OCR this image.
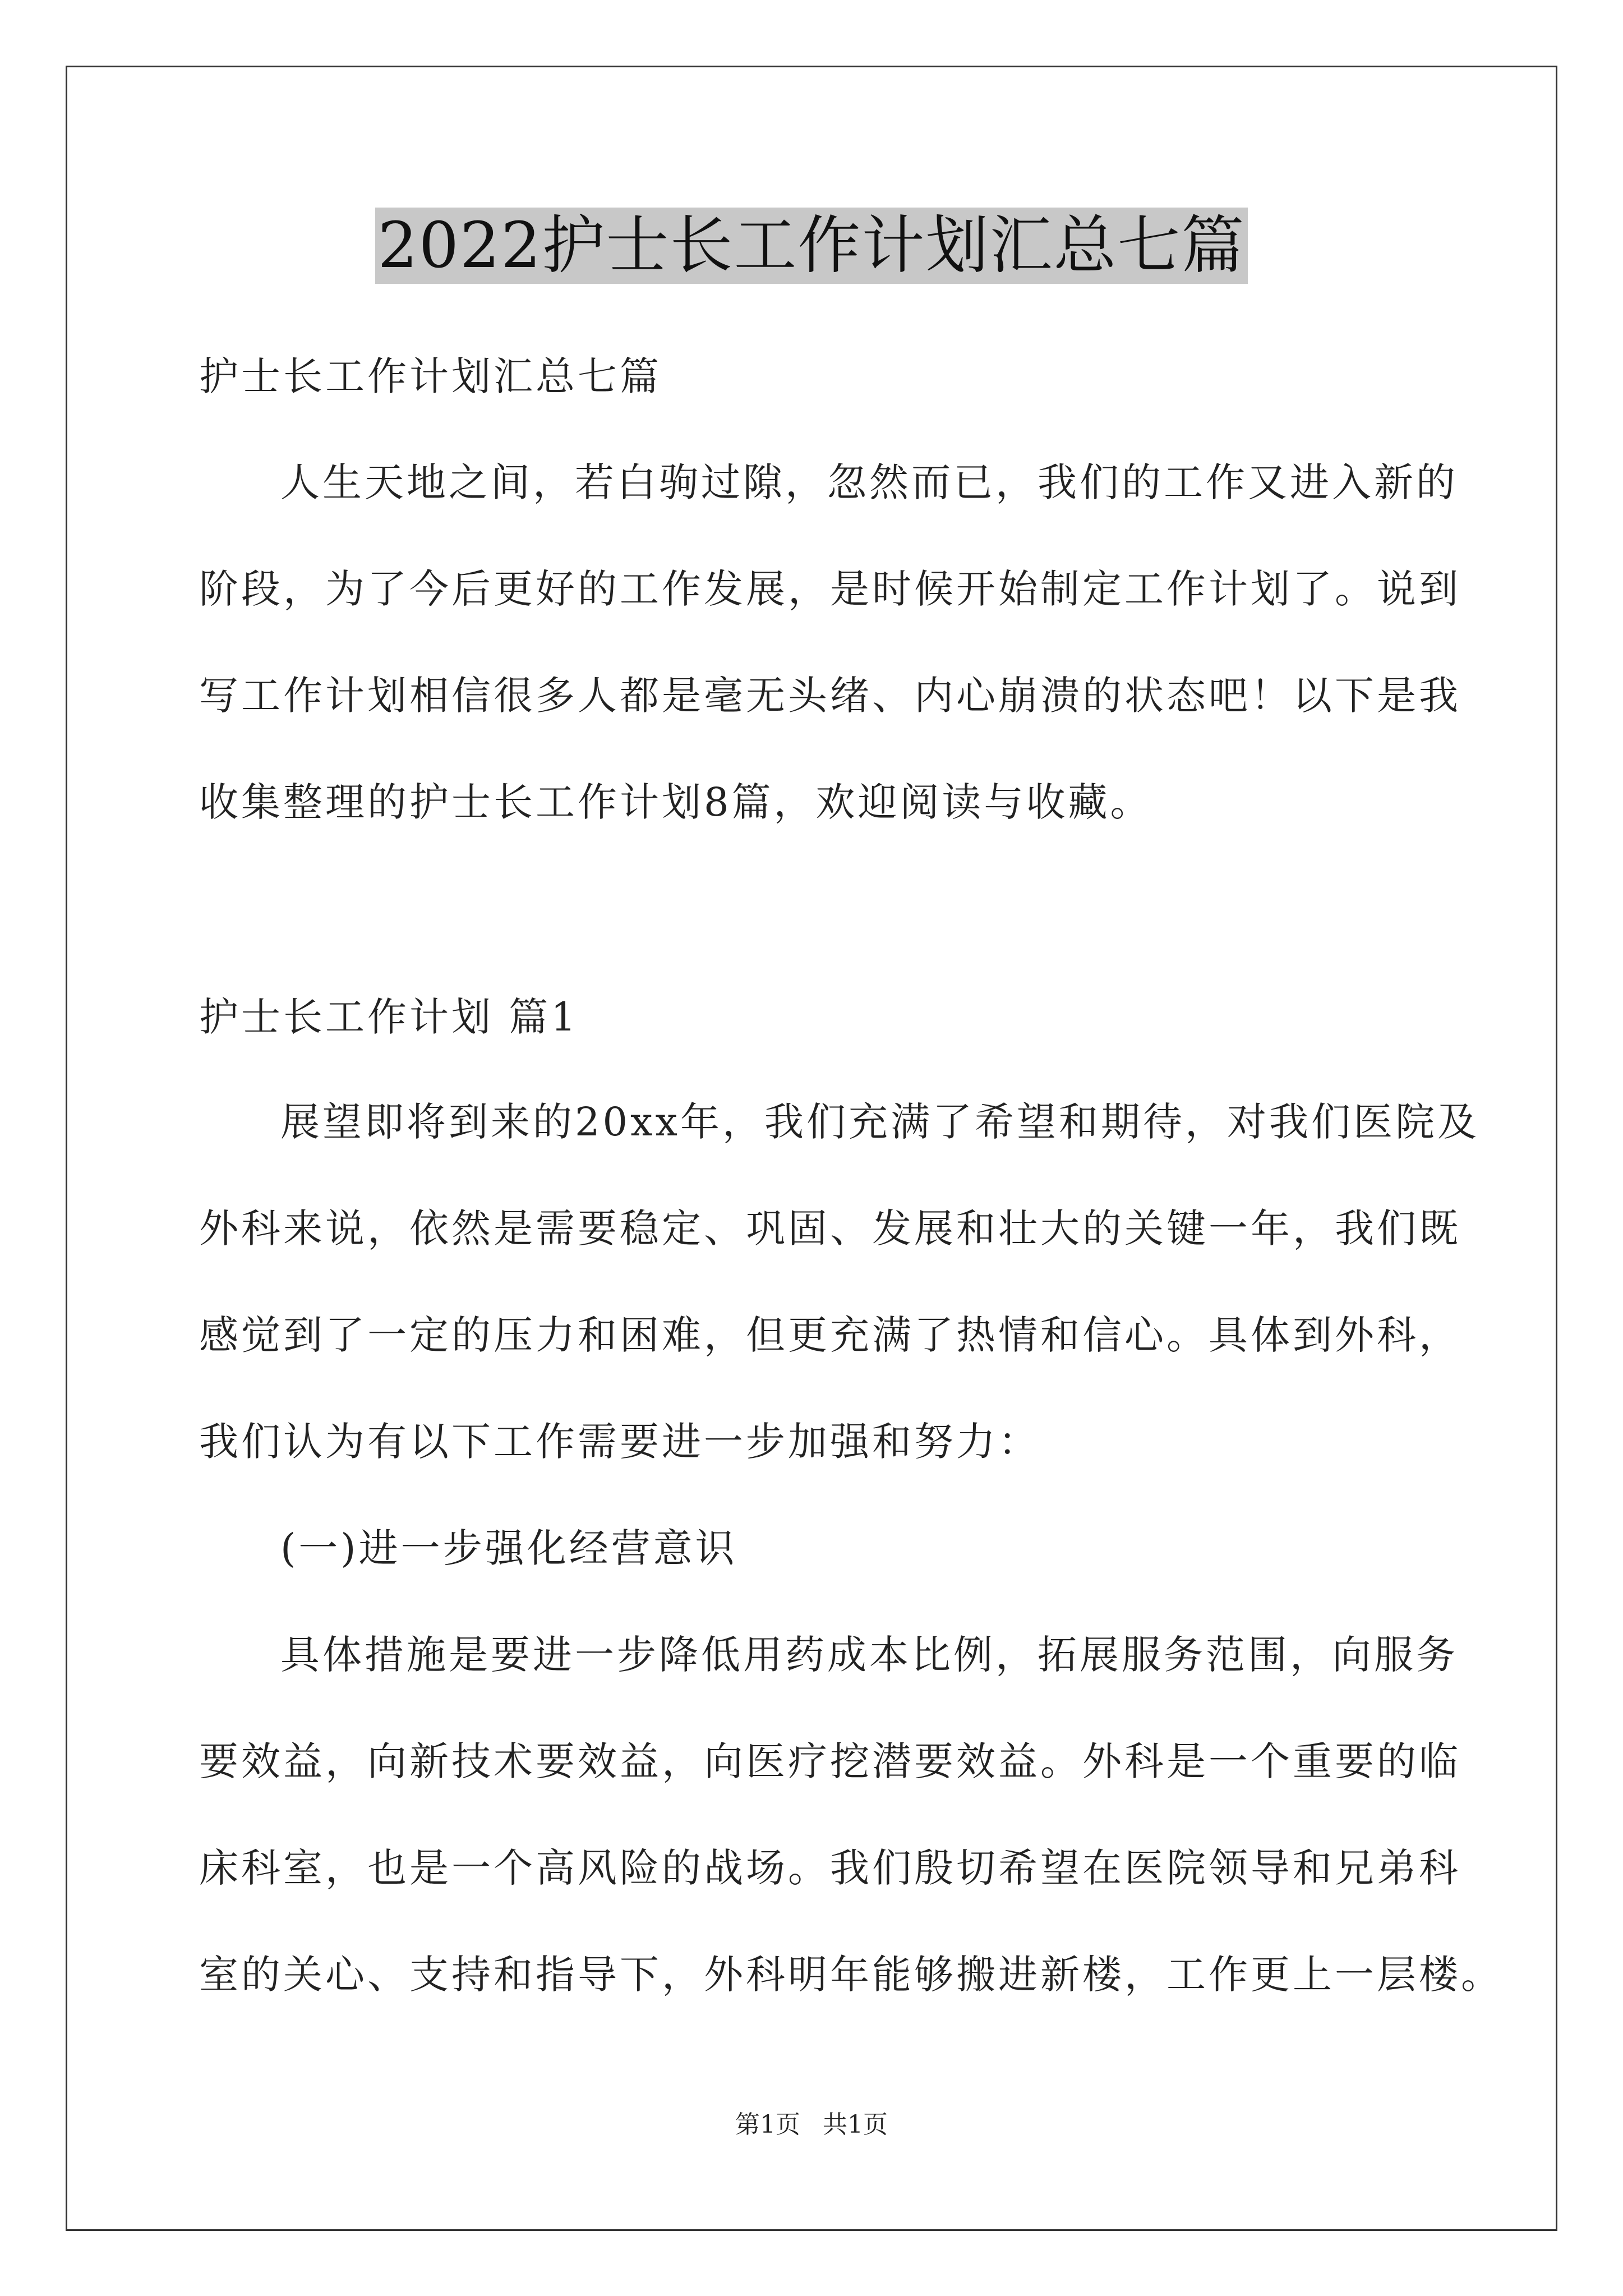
2022护士长工作计划汇总七篇
护士长工作计划汇总七篇
人生天地之间，若白驹过隙，忽然而已，我们的工作又进入新的
阶段，为了今后更好的工作发展，是时候开始制定工作计划了。说到
写工作计划相信很多人都是毫无头绪、内心崩溃的状态吧！以下是我
收集整理的护士长工作计划8篇，欢迎阅读与收藏。
护士长工作计划 篇1
展望即将到来的20xx年，我们充满了希望和期待，对我们医院及
外科来说，依然是需要稳定、巩固、发展和壮大的关键一年，我们既
感觉到了一定的压力和困难，但更充满了热情和信心。具体到外科，
我们认为有以下工作需要进一步加强和努力：
(一)进一步强化经营意识
具体措施是要进一步降低用药成本比例，拓展服务范围，向服务
要效益，向新技术要效益，向医疗挖潜要效益。外科是一个重要的临
床科室，也是一个高风险的战场。我们殷切希望在医院领导和兄弟科
室的关心、支持和指导下，外科明年能够搬进新楼，工作更上一层楼。
第1页 共1页
